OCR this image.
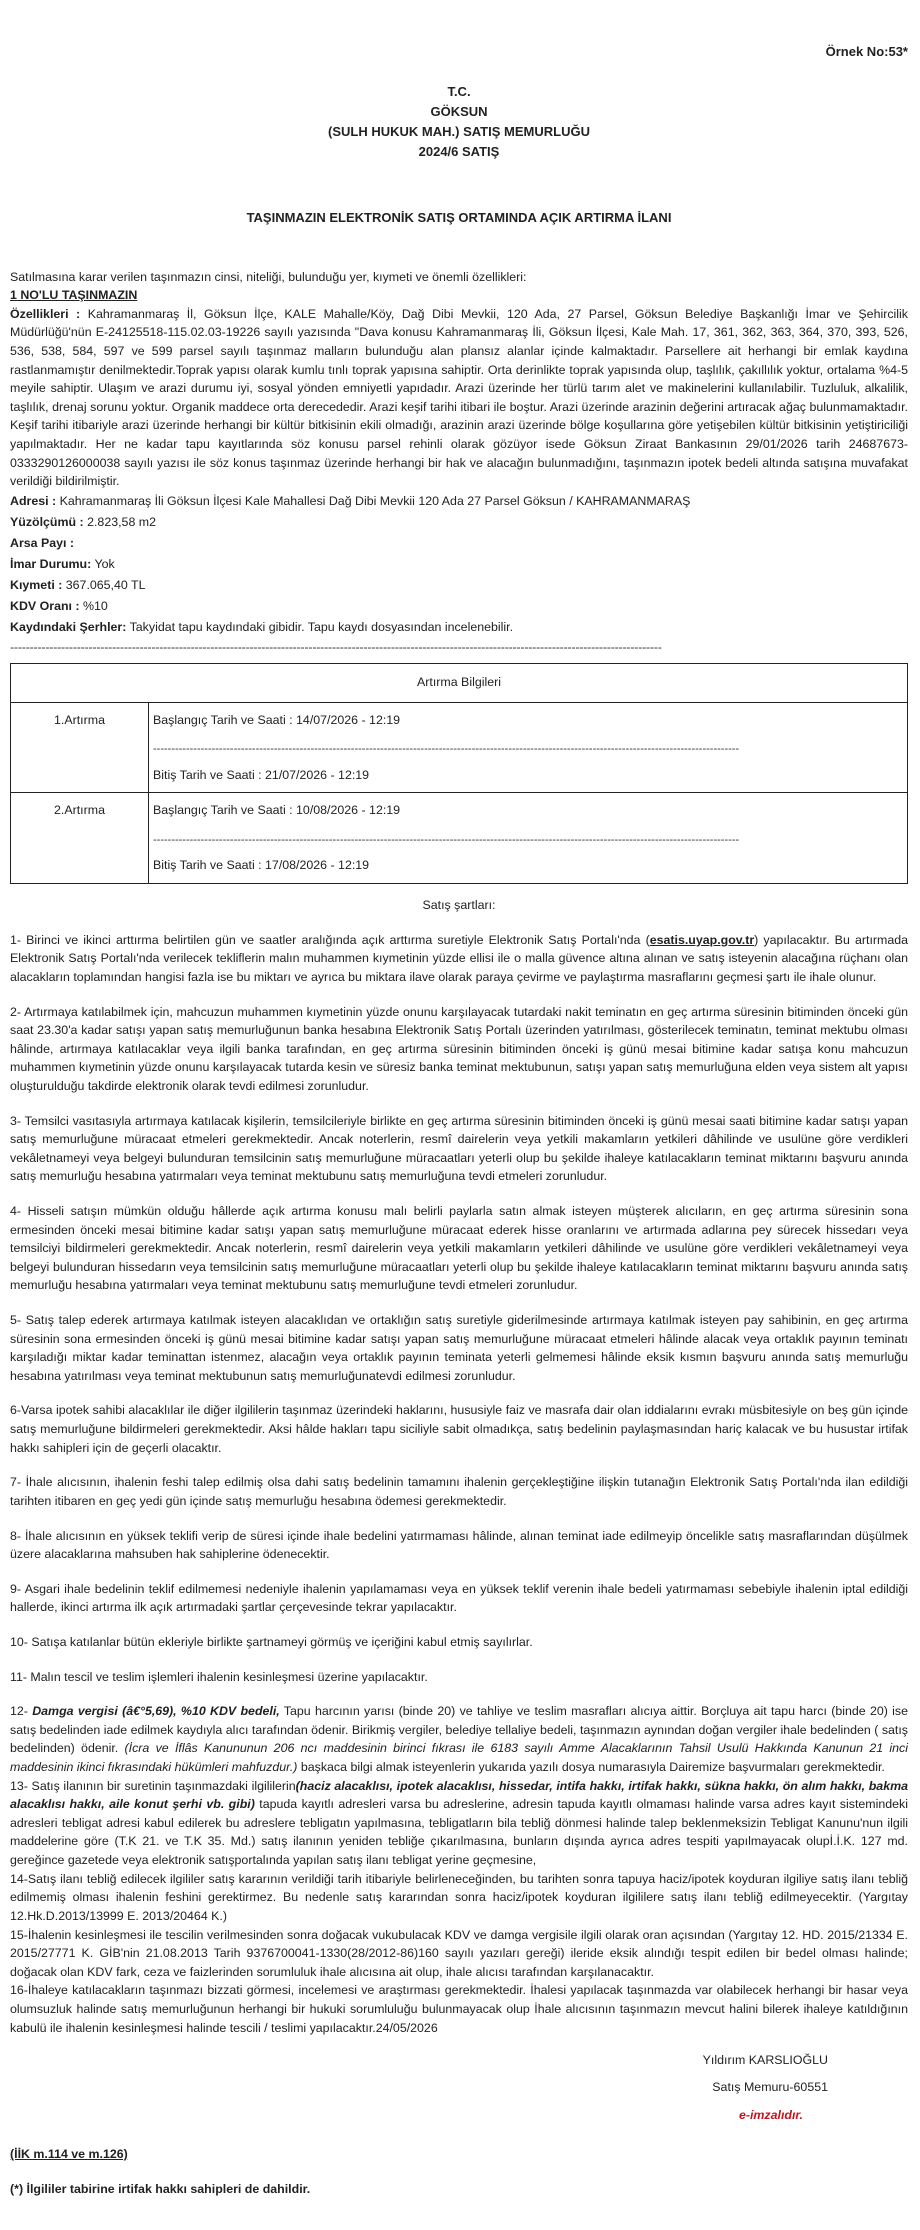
Örnek No:53*
T.C.
GÖKSUN
(SULH HUKUK MAH.) SATIŞ MEMURLUĞU
2024/6 SATIŞ
TAŞINMAZIN ELEKTRONİK SATIŞ ORTAMINDA AÇIK ARTIRMA İLANI

Satılmasına karar verilen taşınmazın cinsi, niteliği, bulunduğu yer, kıymeti ve önemli özellikleri:

1 NO'LU TAŞINMAZIN

Özellikleri : Kahramanmaraş İl, Göksun İlçe, KALE Mahalle/Köy, Dağ Dibi Mevkii, 120 Ada, 27 Parsel, Göksun Belediye Başkanlığı İmar ve Şehircilik Müdürlüğü'nün E-24125518-115.02.03-19226 sayılı yazısında "Dava konusu Kahramanmaraş İli, Göksun İlçesi, Kale Mah. 17, 361, 362, 363, 364, 370, 393, 526, 536, 538, 584, 597 ve 599 parsel sayılı taşınmaz malların bulunduğu alan plansız alanlar içinde kalmaktadır. Parsellere ait herhangi bir emlak kaydına rastlanmamıştır denilmektedir.Toprak yapısı olarak kumlu tınlı toprak yapısına sahiptir. Orta derinlikte toprak yapısında olup, taşlılık, çakıllılık yoktur, ortalama %4-5 meyile sahiptir. Ulaşım ve arazi durumu iyi, sosyal yönden emniyetli yapıdadır. Arazi üzerinde her türlü tarım alet ve makinelerini kullanılabilir. Tuzluluk, alkalilik, taşlılık, drenaj sorunu yoktur. Organik maddece orta derecededir. Arazi keşif tarihi itibari ile boştur. Arazi üzerinde arazinin değerini artıracak ağaç bulunmamaktadır. Keşif tarihi itibariyle arazi üzerinde herhangi bir kültür bitkisinin ekili olmadığı, arazinin arazi üzerinde bölge koşullarına göre yetişebilen kültür bitkisinin yetiştiriciliği yapılmaktadır. Her ne kadar tapu kayıtlarında söz konusu parsel rehinli olarak gözüyor isede Göksun Ziraat Bankasının 29/01/2026 tarih 24687673-0333290126000038 sayılı yazısı ile söz konus taşınmaz üzerinde herhangi bir hak ve alacağın bulunmadığını, taşınmazın ipotek bedeli altında satışına muvafakat verildiği bildirilmiştir.

Adresi : Kahramanmaraş İli Göksun İlçesi Kale Mahallesi Dağ Dibi Mevkii 120 Ada 27 Parsel Göksun / KAHRAMANMARAŞ

Yüzölçümü : 2.823,58 m2

Arsa Payı :

İmar Durumu: Yok

Kıymeti : 367.065,40 TL

KDV Oranı : %10

Kaydındaki Şerhler: Takyidat tapu kaydındaki gibidir. Tapu kaydı dosyasından incelenebilir.

----------------------------------------------------------------------------------------------------------------------------------------------------------------------
Artırma Bilgileri	
1.Artırma	Başlangıç Tarih ve Saati : 14/07/2026 - 12:19
----------------------------------------------------------------------------------------------------------------------------------------------------------------
Bitiş Tarih ve Saati : 21/07/2026 - 12:19

2.Artırma	Başlangıç Tarih ve Saati : 10/08/2026 - 12:19
----------------------------------------------------------------------------------------------------------------------------------------------------------------
Bitiş Tarih ve Saati : 17/08/2026 - 12:19
Satış şartları:

1- Birinci ve ikinci arttırma belirtilen gün ve saatler aralığında açık arttırma suretiyle Elektronik Satış Portalı'nda (esatis.uyap.gov.tr) yapılacaktır. Bu artırmada Elektronik Satış Portalı'nda verilecek tekliflerin malın muhammen kıymetinin yüzde ellisi ile o malla güvence altına alınan ve satış isteyenin alacağına rüçhanı olan alacakların toplamından hangisi fazla ise bu miktarı ve ayrıca bu miktara ilave olarak paraya çevirme ve paylaştırma masraflarını geçmesi şartı ile ihale olunur.

2- Artırmaya katılabilmek için, mahcuzun muhammen kıymetinin yüzde onunu karşılayacak tutardaki nakit teminatın en geç artırma süresinin bitiminden önceki gün saat 23.30'a kadar satışı yapan satış memurluğunun banka hesabına Elektronik Satış Portalı üzerinden yatırılması, gösterilecek teminatın, teminat mektubu olması hâlinde, artırmaya katılacaklar veya ilgili banka tarafından, en geç artırma süresinin bitiminden önceki iş günü mesai bitimine kadar satışa konu mahcuzun muhammen kıymetinin yüzde onunu karşılayacak tutarda kesin ve süresiz banka teminat mektubunun, satışı yapan satış memurluğuna elden veya sistem alt yapısı oluşturulduğu takdirde elektronik olarak tevdi edilmesi zorunludur.

3- Temsilci vasıtasıyla artırmaya katılacak kişilerin, temsilcileriyle birlikte en geç artırma süresinin bitiminden önceki iş günü mesai saati bitimine kadar satışı yapan satış memurluğune müracaat etmeleri gerekmektedir. Ancak noterlerin, resmî dairelerin veya yetkili makamların yetkileri dâhilinde ve usulüne göre verdikleri vekâletnameyi veya belgeyi bulunduran temsilcinin satış memurluğune müracaatları yeterli olup bu şekilde ihaleye katılacakların teminat miktarını başvuru anında satış memurluğu hesabına yatırmaları veya teminat mektubunu satış memurluğuna tevdi etmeleri zorunludur.

4- Hisseli satışın mümkün olduğu hâllerde açık artırma konusu malı belirli paylarla satın almak isteyen müşterek alıcıların, en geç artırma süresinin sona ermesinden önceki mesai bitimine kadar satışı yapan satış memurluğune müracaat ederek hisse oranlarını ve artırmada adlarına pey sürecek hissedarı veya temsilciyi bildirmeleri gerekmektedir. Ancak noterlerin, resmî dairelerin veya yetkili makamların yetkileri dâhilinde ve usulüne göre verdikleri vekâletnameyi veya belgeyi bulunduran hissedarın veya temsilcinin satış memurluğune müracaatları yeterli olup bu şekilde ihaleye katılacakların teminat miktarını başvuru anında satış memurluğu hesabına yatırmaları veya teminat mektubunu satış memurluğune tevdi etmeleri zorunludur.

5- Satış talep ederek artırmaya katılmak isteyen alacaklıdan ve ortaklığın satış suretiyle giderilmesinde artırmaya katılmak isteyen pay sahibinin, en geç artırma süresinin sona ermesinden önceki iş günü mesai bitimine kadar satışı yapan satış memurluğune müracaat etmeleri hâlinde alacak veya ortaklık payının teminatı karşıladığı miktar kadar teminattan istenmez, alacağın veya ortaklık payının teminata yeterli gelmemesi hâlinde eksik kısmın başvuru anında satış memurluğu hesabına yatırılması veya teminat mektubunun satış memurluğunatevdi edilmesi zorunludur.

6-Varsa ipotek sahibi alacaklılar ile diğer ilgililerin taşınmaz üzerindeki haklarını, hususiyle faiz ve masrafa dair olan iddialarını evrakı müsbitesiyle on beş gün içinde satış memurluğune bildirmeleri gerekmektedir. Aksi hâlde hakları tapu siciliyle sabit olmadıkça, satış bedelinin paylaşmasından hariç kalacak ve bu husustar irtifak hakkı sahipleri için de geçerli olacaktır.

7- İhale alıcısının, ihalenin feshi talep edilmiş olsa dahi satış bedelinin tamamını ihalenin gerçekleştiğine ilişkin tutanağın Elektronik Satış Portalı'nda ilan edildiği tarihten itibaren en geç yedi gün içinde satış memurluğu hesabına ödemesi gerekmektedir.

8- İhale alıcısının en yüksek teklifi verip de süresi içinde ihale bedelini yatırmaması hâlinde, alınan teminat iade edilmeyip öncelikle satış masraflarından düşülmek üzere alacaklarına mahsuben hak sahiplerine ödenecektir.

9- Asgari ihale bedelinin teklif edilmemesi nedeniyle ihalenin yapılamaması veya en yüksek teklif verenin ihale bedeli yatırmaması sebebiyle ihalenin iptal edildiği hallerde, ikinci artırma ilk açık artırmadaki şartlar çerçevesinde tekrar yapılacaktır.

10- Satışa katılanlar bütün ekleriyle birlikte şartnameyi görmüş ve içeriğini kabul etmiş sayılırlar.

11- Malın tescil ve teslim işlemleri ihalenin kesinleşmesi üzerine yapılacaktır.

12- Damga vergisi (â€°5,69), %10 KDV bedeli, Tapu harcının yarısı (binde 20) ve tahliye ve teslim masrafları alıcıya aittir. Borçluya ait tapu harcı (binde 20) ise satış bedelinden iade edilmek kaydıyla alıcı tarafından ödenir. Birikmiş vergiler, belediye tellaliye bedeli, taşınmazın aynından doğan vergiler ihale bedelinden ( satış bedelinden) ödenir. (İcra ve İflâs Kanununun 206 ncı maddesinin birinci fıkrası ile 6183 sayılı Amme Alacaklarının Tahsil Usulü Hakkında Kanunun 21 inci maddesinin ikinci fıkrasındaki hükümleri mahfuzdur.) başkaca bilgi almak isteyenlerin yukarıda yazılı dosya numarasıyla Dairemize başvurmaları gerekmektedir.

13- Satış ilanının bir suretinin taşınmazdaki ilgililerin(haciz alacaklısı, ipotek alacaklısı, hissedar, intifa hakkı, irtifak hakkı, sükna hakkı, ön alım hakkı, bakma alacaklısı hakkı, aile konut şerhi vb. gibi) tapuda kayıtlı adresleri varsa bu adreslerine, adresin tapuda kayıtlı olmaması halinde varsa adres kayıt sistemindeki adresleri tebligat adresi kabul edilerek bu adreslere tebligatın yapılmasına, tebligatların bila tebliğ dönmesi halinde talep beklenmeksizin Tebligat Kanunu'nun ilgili maddelerine göre (T.K 21. ve T.K 35. Md.) satış ilanının yeniden tebliğe çıkarılmasına, bunların dışında ayrıca adres tespiti yapılmayacak olupİ.İ.K. 127 md. gereğince gazetede veya elektronik satışportalında yapılan satış ilanı tebligat yerine geçmesine,

14-Satış ilanı tebliğ edilecek ilgililer satış kararının verildiği tarih itibariyle belirleneceğinden, bu tarihten sonra tapuya haciz/ipotek koyduran ilgiliye satış ilanı tebliğ edilmemiş olması ihalenin feshini gerektirmez. Bu nedenle satış kararından sonra haciz/ipotek koyduran ilgililere satış ilanı tebliğ edilmeyecektir. (Yargıtay 12.Hk.D.2013/13999 E. 2013/20464 K.)

15-İhalenin kesinleşmesi ile tescilin verilmesinden sonra doğacak vukubulacak KDV ve damga vergisile ilgili olarak oran açısından (Yargıtay 12. HD. 2015/21334 E. 2015/27771 K. GİB'nin 21.08.2013 Tarih 9376700041-1330(28/2012-86)160 sayılı yazıları gereği) ileride eksik alındığı tespit edilen bir bedel olması halinde; doğacak olan KDV fark, ceza ve faizlerinden sorumluluk ihale alıcısına ait olup, ihale alıcısı tarafından karşılanacaktır.

16-İhaleye katılacakların taşınmazı bizzati görmesi, incelemesi ve araştırması gerekmektedir. İhalesi yapılacak taşınmazda var olabilecek herhangi bir hasar veya olumsuzluk halinde satış memurluğunun herhangi bir hukuki sorumluluğu bulunmayacak olup İhale alıcısının taşınmazın mevcut halini bilerek ihaleye katıldığının kabulü ile ihalenin kesinleşmesi halinde tescili / teslimi yapılacaktır.24/05/2026

Yıldırım KARSLIOĞLU
Satış Memuru-60551
e-imzalıdır.
(İİK m.114 ve m.126)
(*) İlgililer tabirine irtifak hakkı sahipleri de dahildir.
